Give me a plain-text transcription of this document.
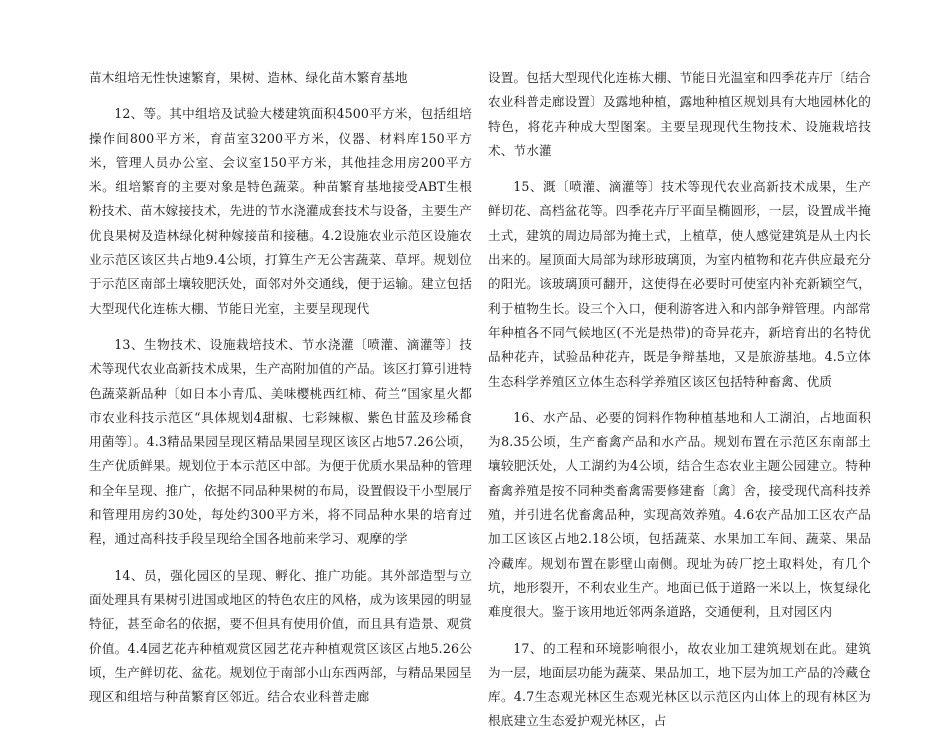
苗木组培无性快速繁育，果树、造林、绿化苗木繁育基地

12、等。其中组培及试验大楼建筑面积4500平方米，包括组培操作间800平方米，育苗室3200平方米，仪器、材料库150平方米，管理人员办公室、会议室150平方米，其他挂念用房200平方米。组培繁育的主要对象是特色蔬菜。种苗繁育基地接受ABT生根粉技术、苗木嫁接技术，先进的节水浇灌成套技术与设备，主要生产优良果树及造林绿化树种嫁接苗和接穗。4.2设施农业示范区设施农业示范区该区共占地9.4公顷，打算生产无公害蔬菜、草坪。规划位于示范区南部土壤较肥沃处，面邻对外交通线，便于运输。建立包括大型现代化连栋大棚、节能日光室，主要呈现现代

13、生物技术、设施栽培技术、节水浇灌〔喷灌、滴灌等〕技术等现代农业高新技术成果，生产高附加值的产品。该区打算引进特色蔬菜新品种〔如日本小青瓜、美味樱桃西红柿、荷兰“国家星火都市农业科技示范区“具体规划4甜椒、七彩辣椒、紫色甘蓝及珍稀食用菌等〕。4.3精品果园呈现区精品果园呈现区该区占地57.26公顷，生产优质鲜果。规划位于本示范区中部。为便于优质水果品种的管理和全年呈现、推广，依据不同品种果树的布局，设置假设干小型展厅和管理用房约30处，每处约300平方米，将不同品种水果的培育过程，通过高科技手段呈现给全国各地前来学习、观摩的学

14、员，强化园区的呈现、孵化、推广功能。其外部造型与立面处理具有果树引进国或地区的特色农庄的风格，成为该果园的明显特征，甚至命名的依据，要不但具有使用价值，而且具有造景、观赏价值。4.4园艺花卉种植观赏区园艺花卉种植观赏区该区占地5.26公顷，生产鲜切花、盆花。规划位于南部小山东西两部，与精品果园呈现区和组培与种苗繁育区邻近。结合农业科普走廊

设置。包括大型现代化连栋大棚、节能日光温室和四季花卉厅〔结合农业科普走廊设置〕及露地种植，露地种植区规划具有大地园林化的特色，将花卉种成大型图案。主要呈现现代生物技术、设施栽培技术、节水灌

15、溉〔喷灌、滴灌等〕技术等现代农业高新技术成果，生产鲜切花、高档盆花等。四季花卉厅平面呈椭圆形，一层，设置成半掩土式，建筑的周边局部为掩土式，上植草，使人感觉建筑是从土内长出来的。屋顶面大局部为球形玻璃顶，为室内植物和花卉供应最充分的阳光。该玻璃顶可翻开，这使得在必要时可使室内补充新颖空气，利于植物生长。设三个入口，便利游客进入和内部争辩管理。内部常年种植各不同气候地区(不光是热带)的奇异花卉，新培育出的名特优品种花卉，试验品种花卉，既是争辩基地，又是旅游基地。4.5立体生态科学养殖区立体生态科学养殖区该区包括特种畜禽、优质

16、水产品、必要的饲料作物种植基地和人工湖泊，占地面积为8.35公顷，生产畜禽产品和水产品。规划布置在示范区东南部土壤较肥沃处，人工湖约为4公顷，结合生态农业主题公园建立。特种畜禽养殖是按不同种类畜禽需要修建畜〔禽〕舍，接受现代高科技养殖，并引进名优畜禽品种，实现高效养殖。4.6农产品加工区农产品加工区该区占地2.18公顷，包括蔬菜、水果加工车间、蔬菜、果品冷藏库。规划布置在影壁山南侧。现址为砖厂挖土取料处，有几个坑，地形裂开，不利农业生产。地面已低于道路一米以上，恢复绿化难度很大。鉴于该用地近邻两条道路，交通便利，且对园区内

17、的工程和环境影响很小，故农业加工建筑规划在此。建筑为一层，地面层功能为蔬菜、果品加工，地下层为加工产品的冷藏仓库。4.7生态观光林区生态观光林区以示范区内山体上的现有林区为根底建立生态爱护观光林区，占
